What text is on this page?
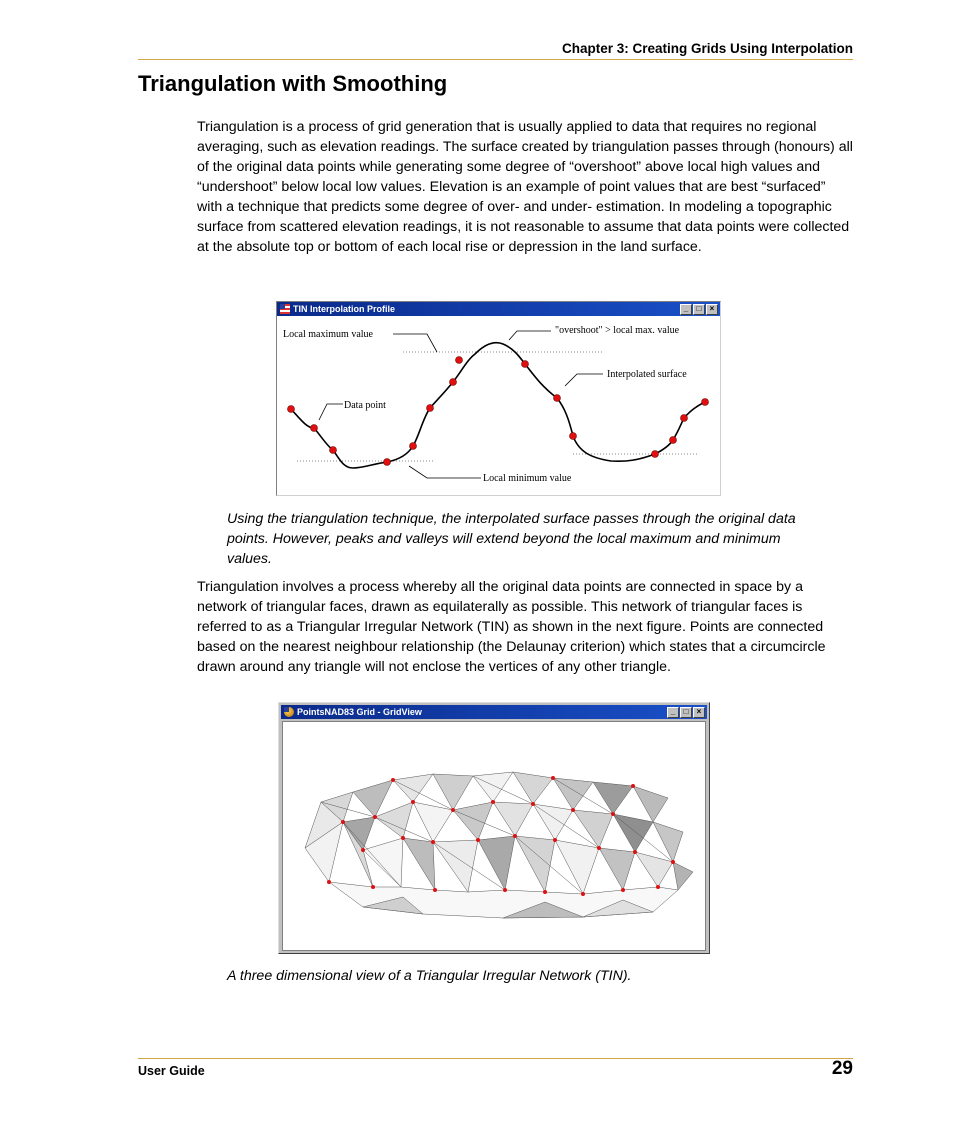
Chapter 3: Creating Grids Using Interpolation
Triangulation with Smoothing
Triangulation is a process of grid generation that is usually applied to data that requires no regional averaging, such as elevation readings. The surface created by triangulation passes through (honours) all of the original data points while generating some degree of “overshoot” above local high values and “undershoot” below local low values. Elevation is an example of point values that are best “surfaced” with a technique that predicts some degree of over- and under- estimation. In modeling a topographic surface from scattered elevation readings, it is not reasonable to assume that data points were collected at the absolute top or bottom of each local rise or depression in the land surface.
TIN Interpolation Profile	_	□	×
Local maximum value	"overshoot" > local max. value
Interpolated surface
Data point
Local minimum value
Using the triangulation technique, the interpolated surface passes through the original data points. However, peaks and valleys will extend beyond the local maximum and minimum values.
Triangulation involves a process whereby all the original data points are connected in space by a network of triangular faces, drawn as equilaterally as possible. This network of triangular faces is referred to as a Triangular Irregular Network (TIN) as shown in the next figure. Points are connected based on the nearest neighbour relationship (the Delaunay criterion) which states that a circumcircle drawn around any triangle will not enclose the vertices of any other triangle.
PointsNAD83 Grid - GridView	_	□	×
A three dimensional view of a Triangular Irregular Network (TIN).
User Guide	29
